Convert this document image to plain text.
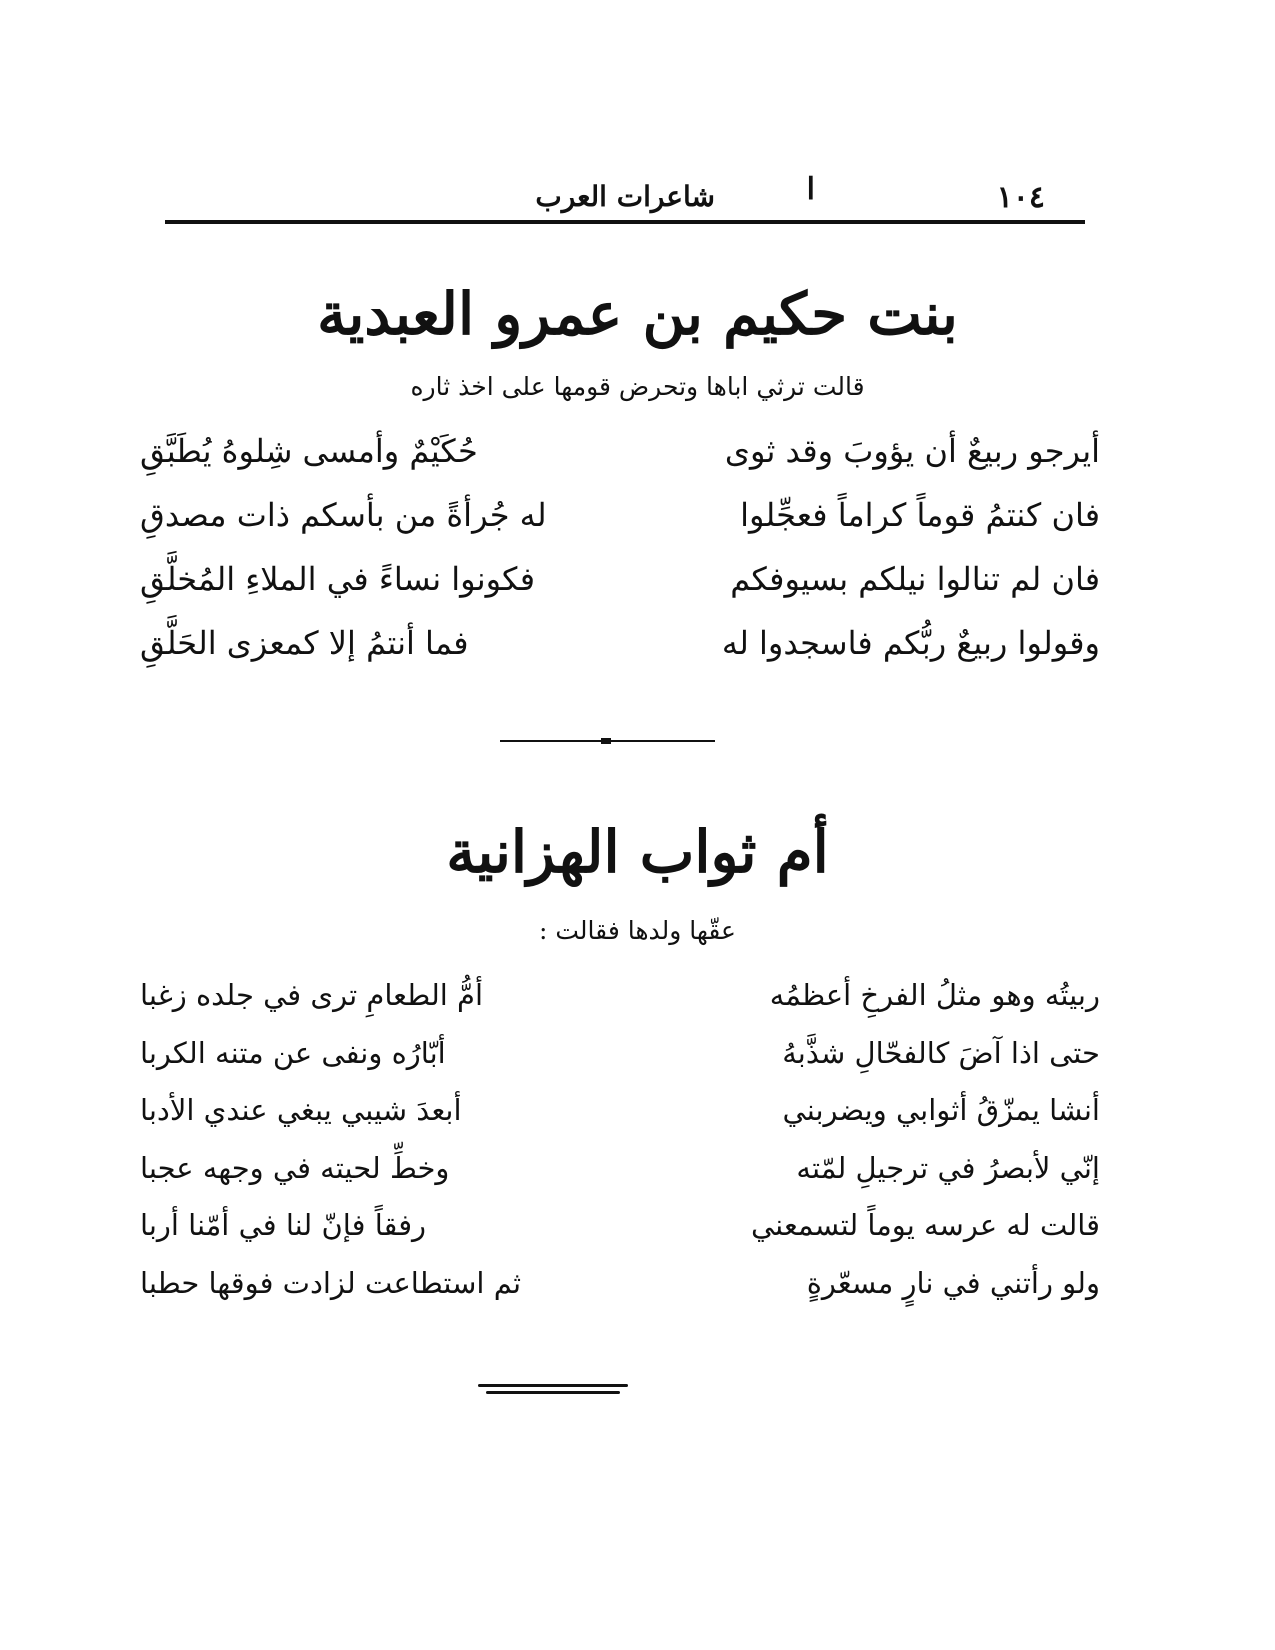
١٠٤
ا
شاعرات العرب
بنت حكيم بن عمرو العبدية
قالت ترثي اباها وتحرض قومها على اخذ ثاره
أيرجو ربيعٌ أن يؤوبَ وقد ثوى
حُكَيْمٌ وأمسى شِلوهُ يُطَبَّقِ
فان كنتمُ قوماً كراماً فعجِّلوا
له جُرأةً من بأسكم ذات مصدقِ
فان لم تنالوا نيلكم بسيوفكم
فكونوا نساءً في الملاءِ المُخلَّقِ
وقولوا ربيعٌ ربُّكم فاسجدوا له
فما أنتمُ إلا كمعزى الحَلَّقِ
أم ثواب الهزانية
عقّها ولدها فقالت :
ربيتُه وهو مثلُ الفرخِ أعظمُه
أمُّ الطعامِ ترى في جلده زغبا
حتى اذا آضَ كالفحّالِ شذَّبهُ
أبّارُه ونفى عن متنه الكربا
أنشا يمزّقُ أثوابي ويضربني
أبعدَ شيبي يبغي عندي الأدبا
إنّي لأبصرُ في ترجيلِ لمّته
وخطِّ لحيته في وجهه عجبا
قالت له عرسه يوماً لتسمعني
رفقاً فإنّ لنا في أمّنا أربا
ولو رأتني في نارٍ مسعّرةٍ
ثم استطاعت لزادت فوقها حطبا
